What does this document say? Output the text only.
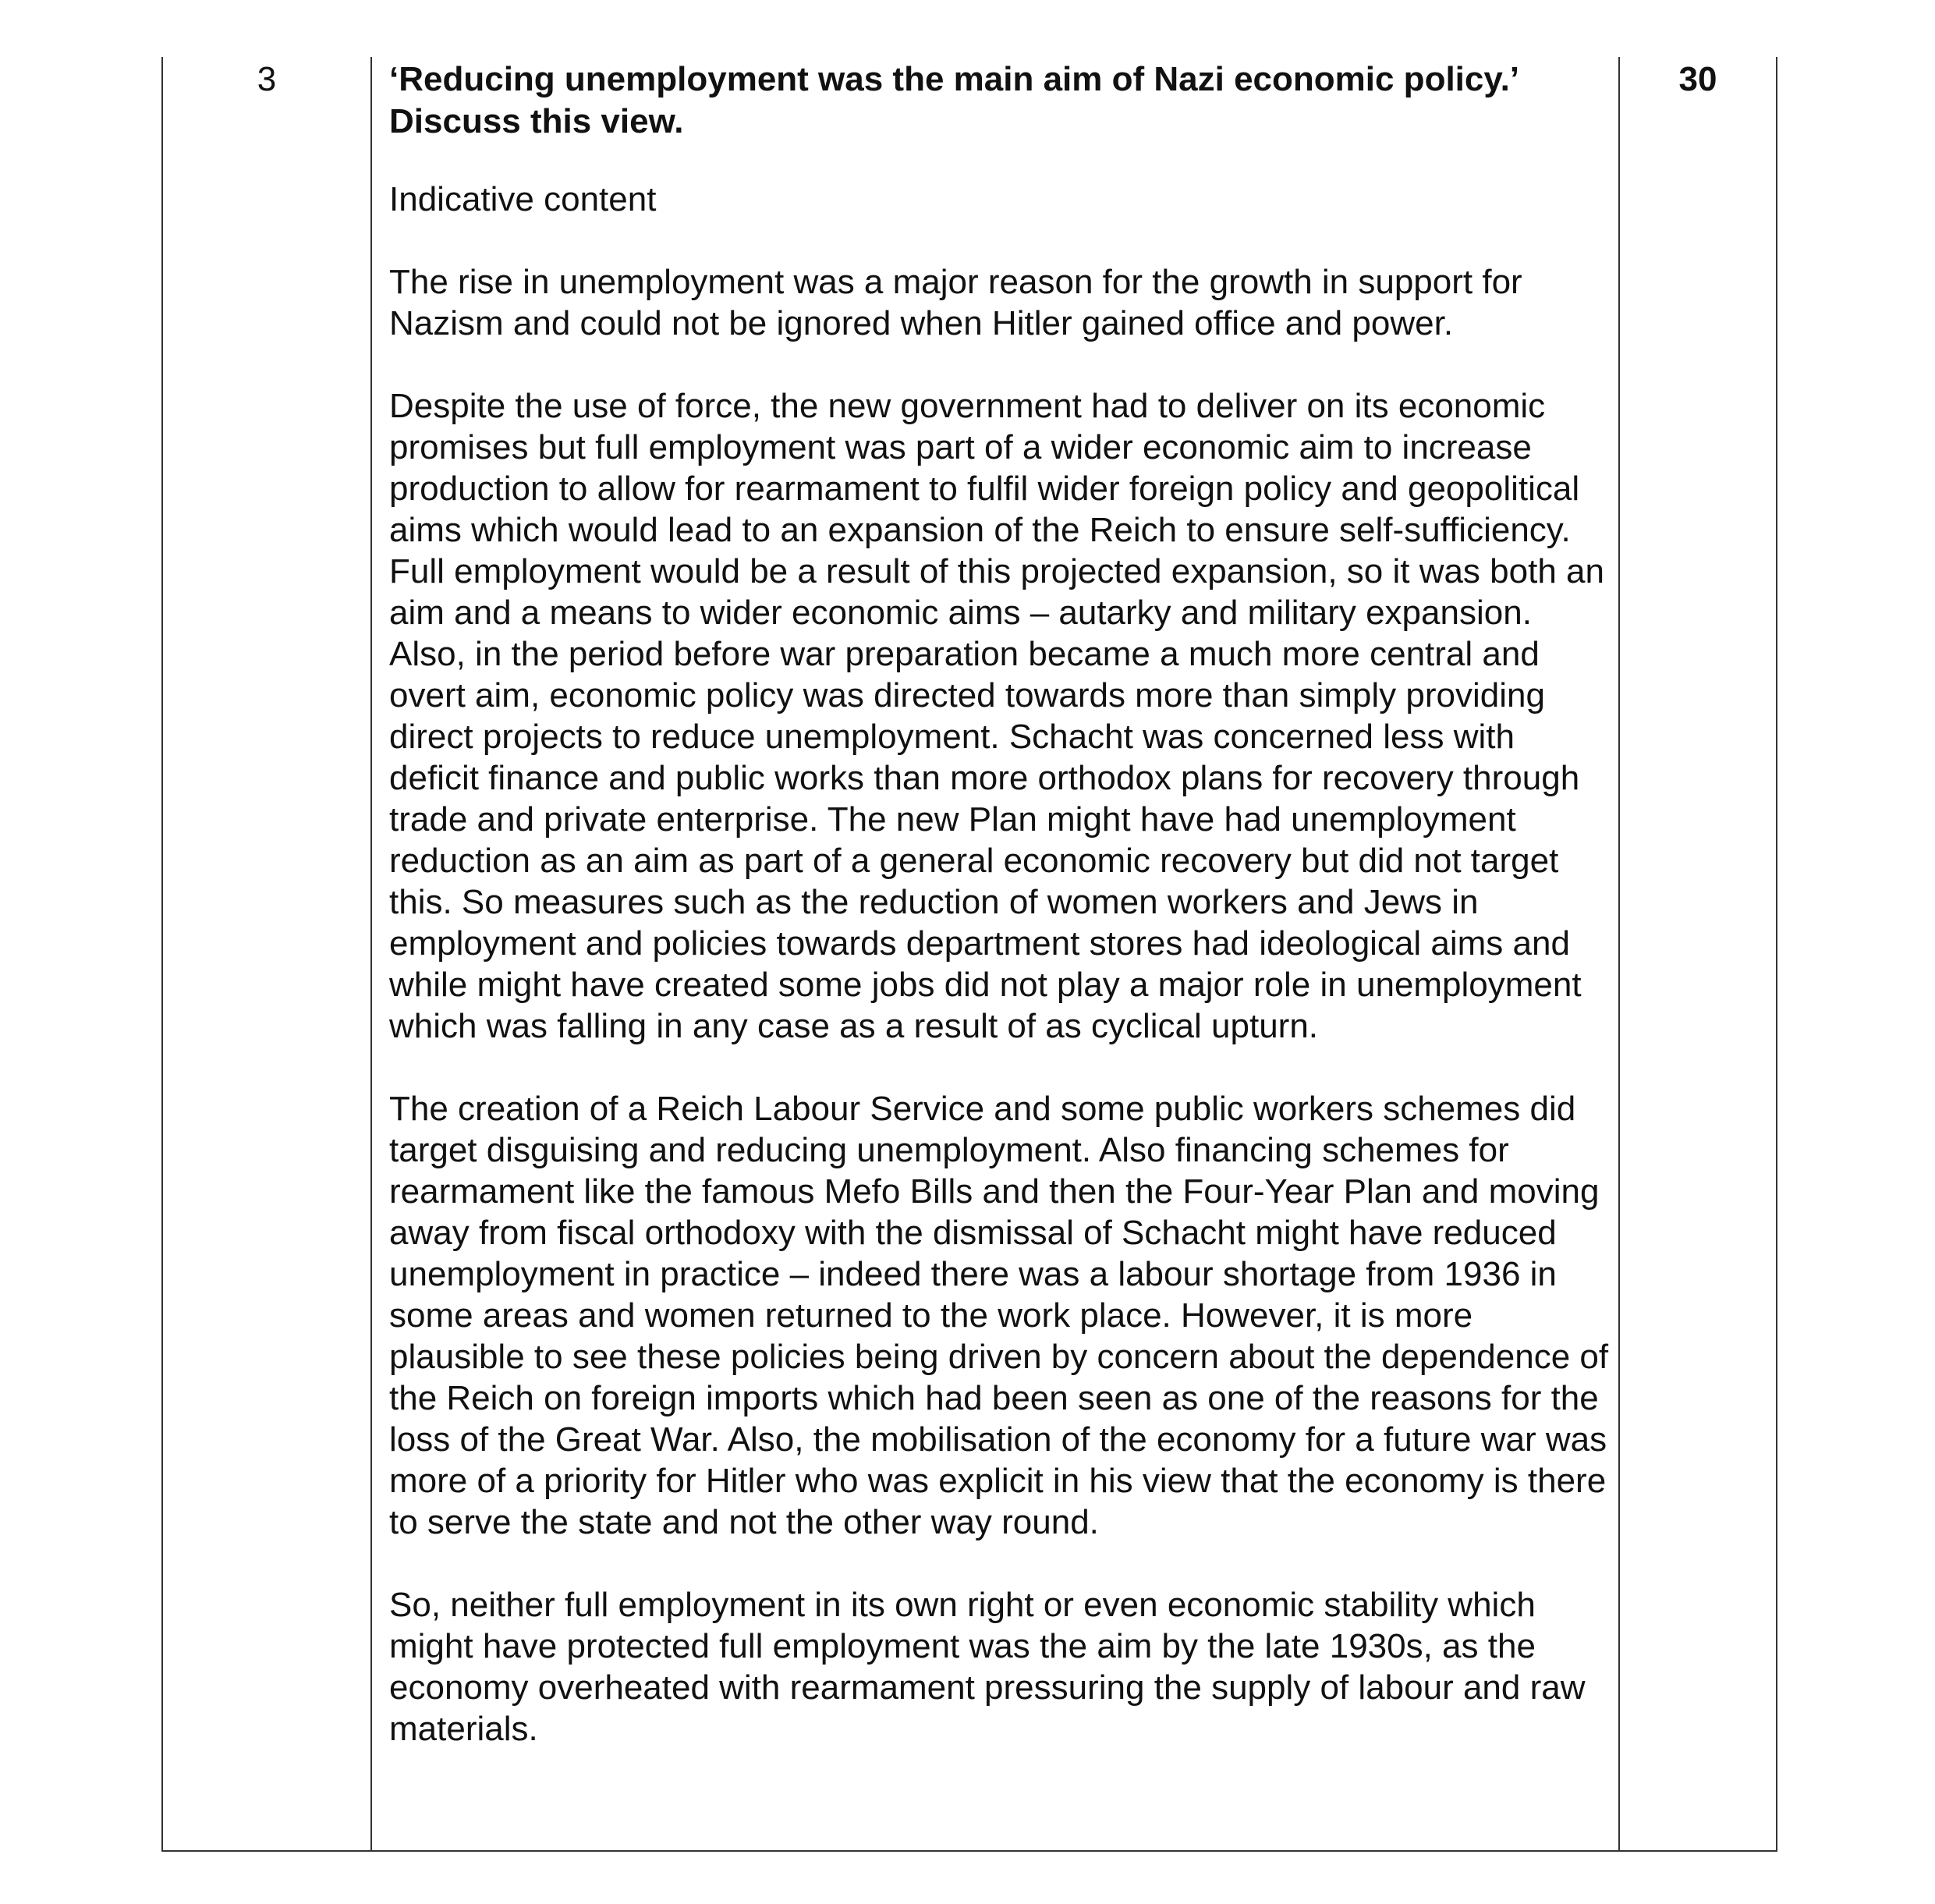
3	‘Reducing unemployment was the main aim of Nazi economic policy.’
Discuss this view.

Indicative content

The rise in unemployment was a major reason for the growth in support for Nazism and could not be ignored when Hitler gained office and power.

Despite the use of force, the new government had to deliver on its economic promises but full employment was part of a wider economic aim to increase production to allow for rearmament to fulfil wider foreign policy and geopolitical aims which would lead to an expansion of the Reich to ensure self-sufficiency. Full employment would be a result of this projected expansion, so it was both an aim and a means to wider economic aims – autarky and military expansion. Also, in the period before war preparation became a much more central and overt aim, economic policy was directed towards more than simply providing direct projects to reduce unemployment. Schacht was concerned less with deficit finance and public works than more orthodox plans for recovery through trade and private enterprise. The new Plan might have had unemployment reduction as an aim as part of a general economic recovery but did not target this. So measures such as the reduction of women workers and Jews in employment and policies towards department stores had ideological aims and while might have created some jobs did not play a major role in unemployment which was falling in any case as a result of as cyclical upturn.

The creation of a Reich Labour Service and some public workers schemes did target disguising and reducing unemployment. Also financing schemes for rearmament like the famous Mefo Bills and then the Four-Year Plan and moving away from fiscal orthodoxy with the dismissal of Schacht might have reduced unemployment in practice – indeed there was a labour shortage from 1936 in some areas and women returned to the work place. However, it is more plausible to see these policies being driven by concern about the dependence of the Reich on foreign imports which had been seen as one of the reasons for the loss of the Great War. Also, the mobilisation of the economy for a future war was more of a priority for Hitler who was explicit in his view that the economy is there to serve the state and not the other way round.

So, neither full employment in its own right or even economic stability which might have protected full employment was the aim by the late 1930s, as the economy overheated with rearmament pressuring the supply of labour and raw materials.

30
